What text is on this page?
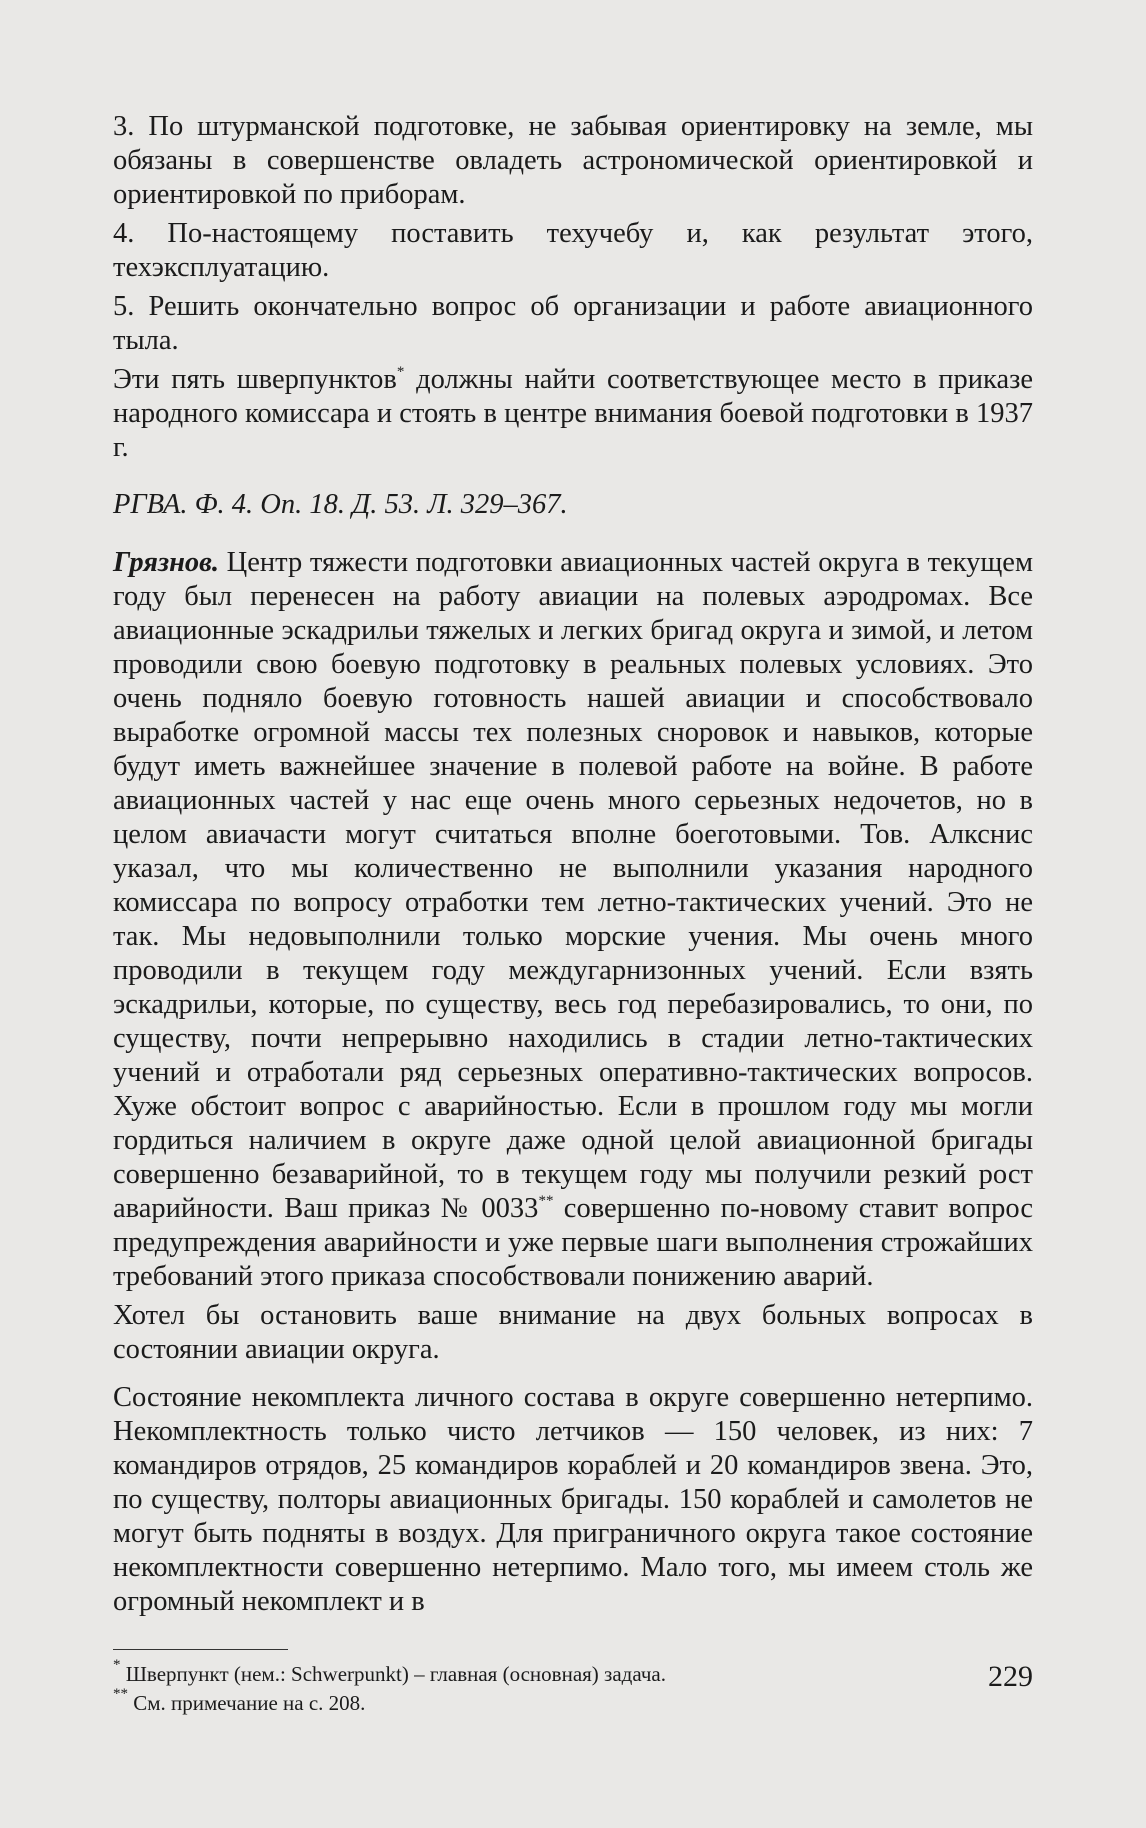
3. По штурманской подготовке, не забывая ориентировку на земле, мы обязаны в совершенстве овладеть астрономической ориентировкой и ориентировкой по приборам.

4. По-настоящему поставить техучебу и, как результат этого, техэксплуатацию.

5. Решить окончательно вопрос об организации и работе авиационного тыла.

Эти пять шверпунктов* должны найти соответствующее место в приказе народного комиссара и стоять в центре внимания боевой подготовки в 1937 г.

РГВА. Ф. 4. Оп. 18. Д. 53. Л. 329–367.

Грязнов. Центр тяжести подготовки авиационных частей округа в текущем году был перенесен на работу авиации на полевых аэродромах. Все авиационные эскадрильи тяжелых и легких бригад округа и зимой, и летом проводили свою боевую подготовку в реальных полевых условиях. Это очень подняло боевую готовность нашей авиации и способствовало выработке огромной массы тех полезных сноровок и навыков, которые будут иметь важнейшее значение в полевой работе на войне. В работе авиационных частей у нас еще очень много серьезных недочетов, но в целом авиачасти могут считаться вполне боеготовыми. Тов. Алкснис указал, что мы количественно не выполнили указания народного комиссара по вопросу отработки тем летно-тактических учений. Это не так. Мы недовыполнили только морские учения. Мы очень много проводили в текущем году междугарнизонных учений. Если взять эскадрильи, которые, по существу, весь год перебазировались, то они, по существу, почти непрерывно находились в стадии летно-тактических учений и отработали ряд серьезных оперативно-тактических вопросов. Хуже обстоит вопрос с аварийностью. Если в прошлом году мы могли гордиться наличием в округе даже одной целой авиационной бригады совершенно безаварийной, то в текущем году мы получили резкий рост аварийности. Ваш приказ № 0033** совершенно по-новому ставит вопрос предупреждения аварийности и уже первые шаги выполнения строжайших требований этого приказа способствовали понижению аварий.

Хотел бы остановить ваше внимание на двух больных вопросах в состоянии авиации округа.

Состояние некомплекта личного состава в округе совершенно нетерпимо. Некомплектность только чисто летчиков — 150 человек, из них: 7 командиров отрядов, 25 командиров кораблей и 20 командиров звена. Это, по существу, полторы авиационных бригады. 150 кораблей и самолетов не могут быть подняты в воздух. Для приграничного округа такое состояние некомплектности совершенно нетерпимо. Мало того, мы имеем столь же огромный некомплект и в

* Шверпункт (нем.: Schwerpunkt) – главная (основная) задача.
** См. примечание на с. 208.
229
